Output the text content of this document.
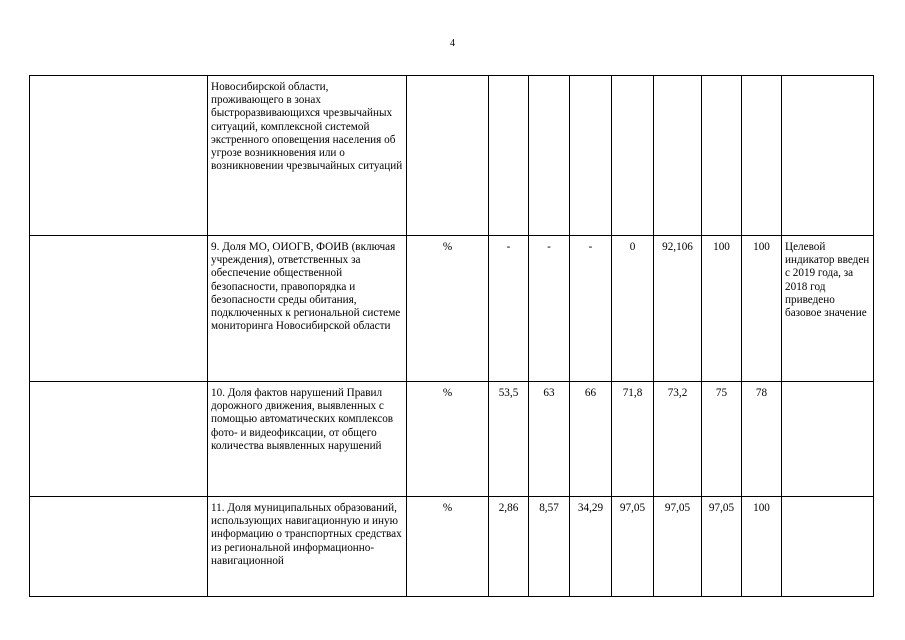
4

	Новосибирской области, проживающего в зонах быстроразвивающихся чрезвычайных ситуаций, комплексной системой экстренного оповещения населения об угрозе возникновения или о возникновении чрезвычайных ситуаций									

	9. Доля МО, ОИОГВ, ФОИВ (включая учреждения), ответственных за обеспечение общественной безопасности, правопорядка и безопасности среды обитания, подключенных к региональной системе мониторинга Новосибирской области	%	-	-	-	0	92,106	100	100	Целевой индикатор введен с 2019 года, за 2018 год приведено базовое значение

	10. Доля фактов нарушений Правил дорожного движения, выявленных с помощью автоматических комплексов фото- и видеофиксации, от общего количества выявленных нарушений	%	53,5	63	66	71,8	73,2	75	78	

	11. Доля муниципальных образований, использующих навигационную и иную информацию о транспортных средствах из региональной информационно-навигационной	%	2,86	8,57	34,29	97,05	97,05	97,05	100	
